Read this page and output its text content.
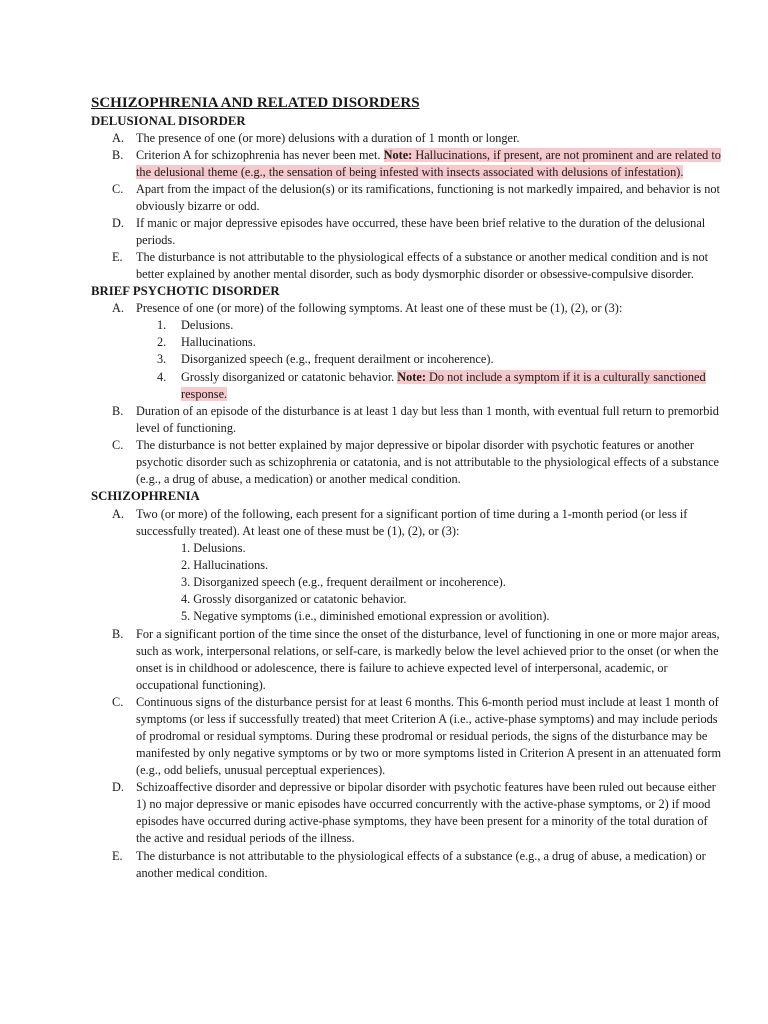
SCHIZOPHRENIA AND RELATED DISORDERS
DELUSIONAL DISORDER
A. The presence of one (or more) delusions with a duration of 1 month or longer.
B.	Criterion A for schizophrenia has never been met. Note: Hallucinations, if present, are not prominent and are related to the delusional theme (e.g., the sensation of being infested with insects associated with delusions of infestation).
C.	Apart from the impact of the delusion(s) or its ramifications, functioning is not markedly impaired, and behavior is not obviously bizarre or odd.
D. If manic or major depressive episodes have occurred, these have been brief relative to the duration of the delusional periods.
E.	The disturbance is not attributable to the physiological effects of a substance or another medical condition and is not better explained by another mental disorder, such as body dysmorphic disorder or obsessive-compulsive disorder.
BRIEF PSYCHOTIC DISORDER
A. Presence of one (or more) of the following symptoms. At least one of these must be (1), (2), or (3):
1.	Delusions.
2.	Hallucinations.
3.	Disorganized speech (e.g., frequent derailment or incoherence).
4.	Grossly disorganized or catatonic behavior. Note: Do not include a symptom if it is a culturally sanctioned response.
B.	Duration of an episode of the disturbance is at least 1 day but less than 1 month, with eventual full return to premorbid level of functioning.
C.	The disturbance is not better explained by major depressive or bipolar disorder with psychotic features or another psychotic disorder such as schizophrenia or catatonia, and is not attributable to the physiological effects of a substance (e.g., a drug of abuse, a medication) or another medical condition.
SCHIZOPHRENIA
A. Two (or more) of the following, each present for a significant portion of time during a 1-month period (or less if successfully treated). At least one of these must be (1), (2), or (3):
1. Delusions.
2. Hallucinations.
3. Disorganized speech (e.g., frequent derailment or incoherence).
4. Grossly disorganized or catatonic behavior.
5. Negative symptoms (i.e., diminished emotional expression or avolition).
B.	For a significant portion of the time since the onset of the disturbance, level of functioning in one or more major areas, such as work, interpersonal relations, or self-care, is markedly below the level achieved prior to the onset (or when the onset is in childhood or adolescence, there is failure to achieve expected level of interpersonal, academic, or occupational functioning).
C.	Continuous signs of the disturbance persist for at least 6 months. This 6-month period must include at least 1 month of symptoms (or less if successfully treated) that meet Criterion A (i.e., active-phase symptoms) and may include periods of prodromal or residual symptoms. During these prodromal or residual periods, the signs of the disturbance may be manifested by only negative symptoms or by two or more symptoms listed in Criterion A present in an attenuated form (e.g., odd beliefs, unusual perceptual experiences).
D. Schizoaffective disorder and depressive or bipolar disorder with psychotic features have been ruled out because either 1) no major depressive or manic episodes have occurred concurrently with the active-phase symptoms, or 2) if mood episodes have occurred during active-phase symptoms, they have been present for a minority of the total duration of the active and residual periods of the illness.
E.	The disturbance is not attributable to the physiological effects of a substance (e.g., a drug of abuse, a medication) or another medical condition.
